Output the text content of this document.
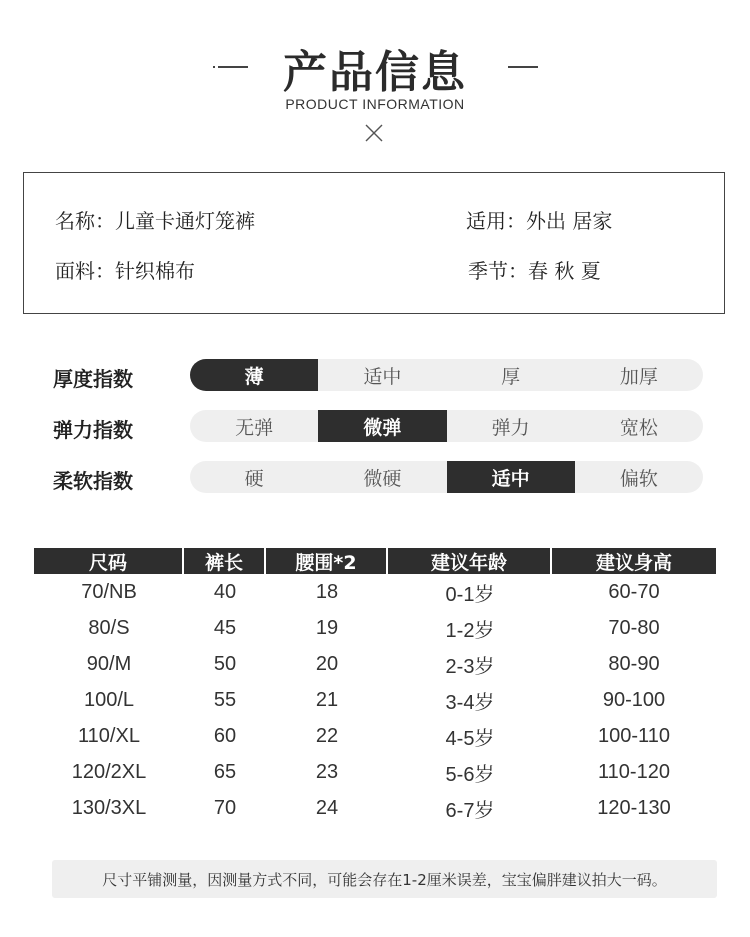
产品信息
PRODUCT INFORMATION
名称：儿童卡通灯笼裤	适用：外出 居家
面料：针织棉布	季节：春 秋 夏
厚度指数	薄	适中	厚	加厚
弹力指数	无弹	微弹	弹力	宽松
柔软指数	硬	微硬	适中	偏软
尺码	裤长	腰围*2	建议年龄	建议身高
70/NB	40	18	0-1岁	60-70
80/S	45	19	1-2岁	70-80
90/M	50	20	2-3岁	80-90
100/L	55	21	3-4岁	90-100
110/XL	60	22	4-5岁	100-110
120/2XL	65	23	5-6岁	110-120
130/3XL	70	24	6-7岁	120-130
尺寸平铺测量，因测量方式不同，可能会存在1-2厘米误差，宝宝偏胖建议拍大一码。
